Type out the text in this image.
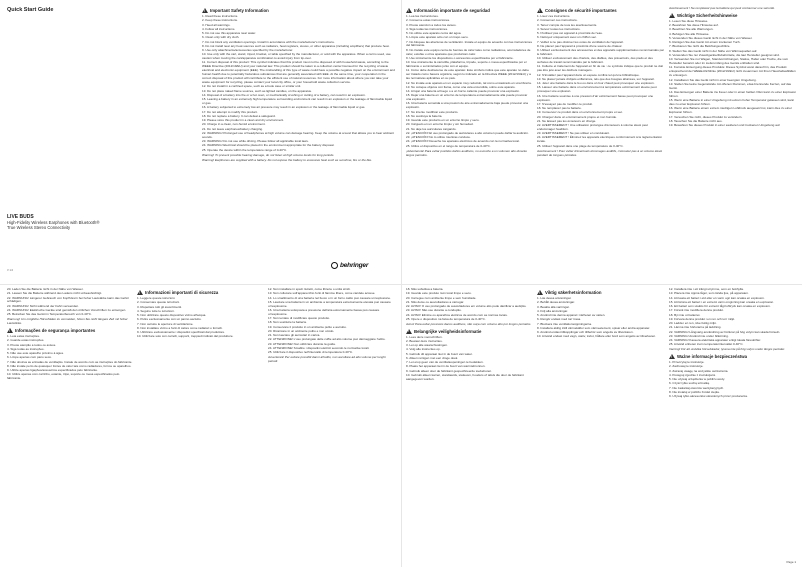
Quick Start Guide
!	Important Safety Information
1. Read these instructions.
2. Keep these instructions.
3. Heed all warnings.
4. Follow all instructions.
5. Do not use this apparatus near water.
6. Clean only with dry cloth.
7. Do not block any ventilation openings. Install in accordance with the manufacturer's instructions.
8. Do not install near any heat sources such as radiators, heat registers, stoves, or other apparatus (including amplifiers) that produce heat.
9. Use only attachments/accessories specified by the manufacturer.
10. Use only with the cart, stand, tripod, bracket, or table specified by the manufacturer, or sold with the apparatus. When a cart is used, use caution when moving the cart/apparatus combination to avoid injury from tip-over.
11. Correct disposal of this product: This symbol indicates that this product must not be disposed of with household waste, according to the WEEE Directive (2012/19/EU) and your national law. This product should be taken to a collection center licensed for the recycling of waste electrical and electronic equipment (EEE). The mishandling of this type of waste could have a possible negative impact on the environment and human health due to potentially hazardous substances that are generally associated with EEE. At the same time, your cooperation in the correct disposal of this product will contribute to the efficient use of natural resources. For more information about where you can take your waste equipment for recycling, please contact your local city office, or your household waste collection service.
12. Do not install in a confined space, such as a book case or similar unit.
13. Do not place naked flame sources, such as lighted candles, on the apparatus.
14. Disposal of a battery into fire or a hot oven, or mechanically crushing or cutting of a battery, can result in an explosion.
15. Leaving a battery in an extremely high temperature surrounding environment can result in an explosion or the leakage of flammable liquid or gas.
16. A battery subjected to extremely low air pressure may result in an explosion or the leakage of flammable liquid or gas.
17. Do not attempt to modify this product.
18. Do not replace a battery. It can defeat a safeguard.
19. Please store this product in a clean and dry environment.
20. Charge in a clean, non-humid environment.
21. Do not leave earphones/battery charging.
22. WARNING! Prolonged use of headphones at high volume can damage hearing. Keep the volume at a level that allows you to hear ambient sounds.
23. WARNING! Do not use while driving. Please follow all applicable local laws.
24. WARNING! Electrical should be placed in the environment appropriate for the battery disposal.
25. Operate the device within the temperature range of 0-40°C.

Warning! To prevent possible hearing damage, do not listen at high volume levels for long periods.

Warning! Earphones are supplied with a battery. Do not expose the battery to excessive heat such as sunshine, fire or the like.

LIVE BUDS
High-Fidelity Wireless Earphones with Bluetooth®
True Wireless Stereo Connectivity
V 1.0
behringer
20. Laden Sie die Batterie nicht in der Nähe von Wasser.
21. Lassen Sie die Batterie während des Ladens nicht unbeaufsichtigt.
22. WARNUNG! Längerer Gebrauch von Kopfhörern bei hoher Lautstärke kann das Gehör schädigen.
23. WARNUNG! Nicht während der Fahrt verwenden.
24. WARNUNG! Elektrische Geräte sind gemäß den örtlichen Vorschriften zu entsorgen.
25. Betreiben Sie das Gerät im Temperaturbereich von 0-40°C.

Warnung! Um mögliche Hörschäden zu vermeiden, hören Sie nicht längere Zeit mit hoher Lautstärke.

!
Informações de segurança importantes
1. Leia estas instruções.
2. Guarde estas instruções.
3. Preste atenção a todos os avisos.
4. Siga todas as instruções.
5. Não use este aparelho próximo à água.
6. Limpe apenas com pano seco.
7. Não obstrua as entradas de ventilação. Instale de acordo com as instruções do fabricante.
8. Não instale perto de quaisquer fontes de calor tais como radiadores, fornos ou aparelhos.
9. Utilize apenas ligações/acessórios especificados pelo fabricante.
10. Utilize apenas com carrinho, estante, tripé, suporte ou mesa especificados pelo fabricante.
!
Informazioni importanti di sicurezza
1. Leggere queste istruzioni.
2. Conservare queste istruzioni.
3. Rispettare tutti gli avvertimenti.
4. Seguire tutte le istruzioni.
5. Non utilizzare questo dispositivo vicino all'acqua.
6. Pulire esclusivamente con un panno asciutto.
7. Non ostruire le aperture di ventilazione.
8. Non installare vicino a fonti di calore come radiatori o fornelli.
9. Utilizzare esclusivamente i dispositivi specificati dal produttore.
10. Utilizzare solo con carrelli, supporti, treppiedi indicati dal produttore.
12. Non installare in spazi ristretti, come librerie o unità simili.
13. Non collocare sull'apparecchio fonti di fiamme libere, come candele accese.
14. Lo smaltimento di una batteria nel fuoco o in un forno caldo può causare un'esplosione.
15. Lasciare una batteria in un ambiente a temperatura estremamente elevata può causare un'esplosione.
16. Una batteria sottoposta a pressione dell'aria estremamente bassa può causare un'esplosione.
17. Non tentare di modificare questo prodotto.
18. Non sostituire la batteria.
19. Conservare il prodotto in un ambiente pulito e asciutto.
20. Ricaricare in un ambiente pulito e non umido.
21. Non lasciare gli auricolari in carica.
22. ATTENZIONE! L'uso prolungato delle cuffie ad alto volume può danneggiare l'udito.
23. ATTENZIONE! Non utilizzare durante la guida.
24. ATTENZIONE! Smaltire i dispositivi elettrici secondo le normative locali.
25. Utilizzare il dispositivo nell'intervallo di temperatura 0-40°C.

Avvertenza! Per evitare possibili danni all'udito, non ascoltare ad alto volume per lunghi periodi.

!
Información importante de seguridad
1. Lea las instrucciones.
2. Conserve estas instrucciones.
3. Preste atención a todos los avisos.
4. Siga todas las instrucciones.
5. No utilice este aparato cerca del agua.
6. Limpie este aparato sólo con un trapo seco.
7. No bloquee las aberturas de ventilación. Instale el equipo de acuerdo con las instrucciones del fabricante.
8. No instale este equipo cerca de fuentes de calor tales como radiadores, acumuladores de calor, estufas u otros aparatos que produzcan calor.
9. Use únicamente los dispositivos o accesorios especificados por el fabricante.
10. Use únicamente la carretilla, plataforma, trípode, soporte o mesa especificados por el fabricante o suministrados junto con el equipo.
11. Cómo debe deshacerse de este aparato: Este símbolo indica que este aparato no debe ser tratado como basura orgánica, según lo indicado en la Directiva WEEE (2012/19/EU) y a las normativas aplicables en su país.
12. No instale este aparato en un espacio muy reducido, tal como encastrado en una librería.
13. No coloque objetos con llama, como una vela encendida, sobre este aparato.
14. Arrojar una batería al fuego o a un horno caliente puede provocar una explosión.
15. Dejar una batería en un entorno de temperatura extremadamente alta puede provocar una explosión.
16. Una batería sometida a una presión de aire extremadamente baja puede provocar una explosión.
17. No intente modificar este producto.
18. No sustituya la batería.
19. Guarde este producto en un entorno limpio y seco.
20. Cárguelo en un entorno limpio y sin humedad.
21. No deje los auriculares cargando.
22. ¡ATENCIÓN! El uso prolongado de auriculares a alto volumen puede dañar la audición.
23. ¡ATENCIÓN! No lo utilice mientras conduce.
24. ¡ATENCIÓN! Deseche los aparatos eléctricos de acuerdo con la normativa local.
25. Utilice el dispositivo en el rango de temperatura de 0-40°C.

¡Advertencia! Para evitar posibles daños auditivos, no escuche a un volumen alto durante largos periodos.

!
Consignes de sécurité importantes
1. Lisez ces instructions.
2. Conservez ces instructions.
3. Tenez compte de tous les avertissements.
4. Suivez toutes les instructions.
5. N'utilisez pas cet appareil à proximité de l'eau.
6. Nettoyez uniquement avec un chiffon sec.
7. Veillez à ne pas obstruer les ouïes de ventilation de l'appareil.
8. Ne placez pas l'appareil à proximité d'une source de chaleur.
9. Utilisez exclusivement des accessoires et des appareils supplémentaires recommandés par le fabricant.
10. Utilisez exclusivement des chariots, des diables, des présentoirs, des pieds et des surfaces de travail recommandés par le fabricant.
11. Collecte et traitement de l'appareil en fin de vie : ce symbole indique que le produit ne doit pas être jeté avec les déchets ménagers.
12. N'installez pas l'appareil dans un espace confiné tel qu'une bibliothèque.
13. Ne placez jamais d'objets enflammés, tels que des bougies allumées, sur l'appareil.
14. Jeter une batterie dans le feu ou dans un four chaud peut provoquer une explosion.
15. Laisser une batterie dans un environnement à température extrêmement élevée peut provoquer une explosion.
16. Une batterie soumise à une pression d'air extrêmement basse peut provoquer une explosion.
17. N'essayez pas de modifier ce produit.
18. Ne remplacez pas la batterie.
19. Conservez ce produit dans un environnement propre et sec.
20. Chargez dans un environnement propre et non humide.
21. Ne laissez pas les écouteurs en charge.
22. AVERTISSEMENT ! Une utilisation prolongée d'écouteurs à volume élevé peut endommager l'audition.
23. AVERTISSEMENT ! Ne pas utiliser en conduisant.
24. AVERTISSEMENT ! Éliminez les appareils électriques conformément à la réglementation locale.
25. Utilisez l'appareil dans une plage de température de 0-40°C.

Avertissement ! Pour éviter d'éventuels dommages auditifs, n'écoutez pas à un volume élevé pendant de longues périodes.

Avertissement ! Ne remplacez pas la batterie qui peut contourner une sécurité.

!
Wichtige Sicherheitshinweise
1. Lesen Sie diese Hinweise.
2. Bewahren Sie diese Hinweise auf.
3. Beachten Sie alle Warnungen.
4. Befolgen Sie alle Hinweise.
5. Verwenden Sie dieses Gerät nicht in der Nähe von Wasser.
6. Reinigen Sie das Gerät mit einem trockenen Tuch.
7. Blockieren Sie nicht die Belüftungsschlitze.
8. Stellen Sie das Gerät nicht in der Nähe von Wärmequellen auf.
9. Verwenden Sie nur Zusatzgeräte/Zubehörteile, die laut Hersteller geeignet sind.
10. Verwenden Sie nur Wagen, Standvorrichtungen, Stative, Halter oder Tische, die vom Hersteller benannt oder im Lieferumfang des Geräts enthalten sind.
11. Korrekte Entsorgung dieses Produkts: Dieses Symbol weist darauf hin, das Produkt entsprechend der WEEE-Richtlinie (2012/19/EU) nicht zusammen mit Ihren Haushaltsabfällen zu entsorgen.
12. Installieren Sie das Gerät nicht in einer beengten Umgebung.
13. Stellen Sie keine Gegenstände mit offenen Flammen, etwa brennende Kerzen, auf das Gerät.
14. Das Entsorgen einer Batterie ins Feuer oder in einen heißen Ofen kann zu einer Explosion führen.
15. Wenn eine Batterie in einer Umgebung mit extrem hoher Temperatur gelassen wird, kann dies zu einer Explosion führen.
16. Wenn eine Batterie einem extrem niedrigen Luftdruck ausgesetzt ist, kann dies zu einer Explosion führen.
17. Versuchen Sie nicht, dieses Produkt zu verändern.
18. Tauschen Sie die Batterie nicht aus.
19. Bewahren Sie dieses Produkt in einer sauberen und trockenen Umgebung auf.
18. Não substitua a bateria.
19. Guarde este produto num local limpo e seco.
20. Carregue num ambiente limpo e sem humidade.
21. Não deixe os auscultadores a carregar.
22. AVISO! O uso prolongado de auscultadores em volume alto pode danificar a audição.
23. AVISO! Não use durante a condução.
24. AVISO! Elimine os aparelhos elétricos de acordo com as normas locais.
25. Opere o dispositivo na faixa de temperatura de 0-40°C.

Aviso! Para evitar possíveis danos auditivos, não ouça com volume alto por longos períodos.

!
Belangrijke veiligheidsinformatie
1. Lees deze voorschriften.
2. Bewaar deze instructies.
3. Let op alle waarschuwingen.
4. Volg alle instructies op.
5. Gebruik dit apparaat niet in de buurt van water.
6. Alleen reinigen met een droge doek.
7. Let erop geen van de ventilatieopeningen te bedekken.
8. Plaats het apparaat niet in de buurt van warmtebronnen.
9. Gebruik alleen door de fabrikant gespecificeerde toebehoren.
10. Gebruik alleen karren, standaards, statieven, houders of tafels die door de fabrikant aangegeven worden.
!
Viktig säkerhetsinformation
1. Läs dessa anvisningar.
2. Behåll dessa anvisningar.
3. Beakta alla varningar.
4. Följ alla anvisningar.
5. Använd inte denna apparat i närheten av vatten.
6. Rengör endast med torr trasa.
7. Blockera inte ventilationsöppningarna.
8. Installera aldrig intill värmekällor som värmeelement, spisar eller andra apparater.
9. Använd endast tillkopplingar och tillbehör som angetts av tillverkaren.
10. Använd endast med vagn, stativ, trefot, hållare eller bord som angetts av tillverkaren.
12. Installera inte i ett trångt utrymme, som en bokhylla.
13. Placera inte öppna lågor, som tända ljus, på apparaten.
14. Att kasta ett batteri i eld eller en varm ugn kan orsaka en explosion.
15. Att lämna ett batteri i en extremt varm omgivning kan orsaka en explosion.
16. Ett batteri som utsätts för extremt lågt lufttryck kan orsaka en explosion.
17. Försök inte modifiera denna produkt.
18. Byt inte ut batteriet.
19. Förvara denna produkt i en ren och torr miljö.
20. Ladda i en ren, icke fuktig miljö.
21. Lämna inte hörlurarna på laddning.
22. VARNING! Långvarig användning av hörlurar på hög volym kan skada hörseln.
23. VARNING! Använd inte under bilkörning.
24. VARNING! Kassera elektriska apparater enligt lokala föreskrifter.
25. Använd enheten inom temperaturintervallet 0-40°C.

Varning! För att undvika hörselskador, lyssna inte på hög volym under längre perioder.

!
Ważne informacje bezpieczeństwa
1. Przeczytaj te instrukcje.
2. Zachowaj te instrukcje.
3. Zwracaj uwagę na wszystkie ostrzeżenia.
4. Postępuj zgodnie z instrukcjami.
5. Nie używaj urządzenia w pobliżu wody.
6. Czyść tylko suchą szmatką.
7. Nie zasłaniaj otworów wentylacyjnych.
8. Nie instaluj w pobliżu źródeł ciepła.
9. Używaj tylko akcesoriów określonych przez producenta.
Page 1
